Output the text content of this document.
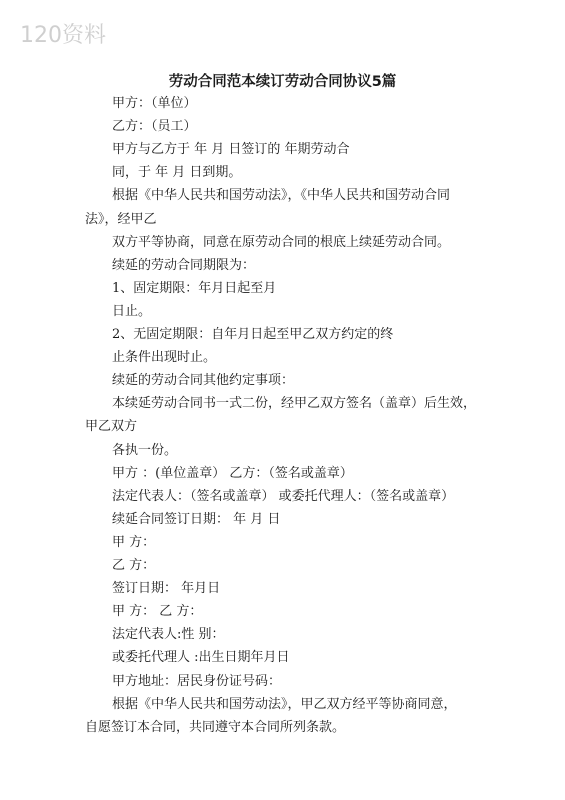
120资料
劳动合同范本续订劳动合同协议5篇
甲方：（单位）
乙方：（员工）
甲方与乙方于 年 月 日签订的 年期劳动合
同，于 年 月 日到期。
根据《中华人民共和国劳动法》，《中华人民共和国劳动合同
法》，经甲乙
双方平等协商，同意在原劳动合同的根底上续延劳动合同。
续延的劳动合同期限为：
1、固定期限：年月日起至月
日止。
2、无固定期限：自年月日起至甲乙双方约定的终
止条件出现时止。
续延的劳动合同其他约定事项：
本续延劳动合同书一式二份，经甲乙双方签名（盖章）后生效，
甲乙双方
各执一份。
甲方 ：(单位盖章） 乙方：（签名或盖章）
法定代表人：（签名或盖章） 或委托代理人：（签名或盖章）
续延合同签订日期： 年 月 日
甲 方：
乙 方：
签订日期： 年月日
甲 方： 乙 方：
法定代表人:性 别：
或委托代理人 :出生日期年月日
甲方地址：居民身份证号码：
根据《中华人民共和国劳动法》，甲乙双方经平等协商同意，
自愿签订本合同，共同遵守本合同所列条款。
